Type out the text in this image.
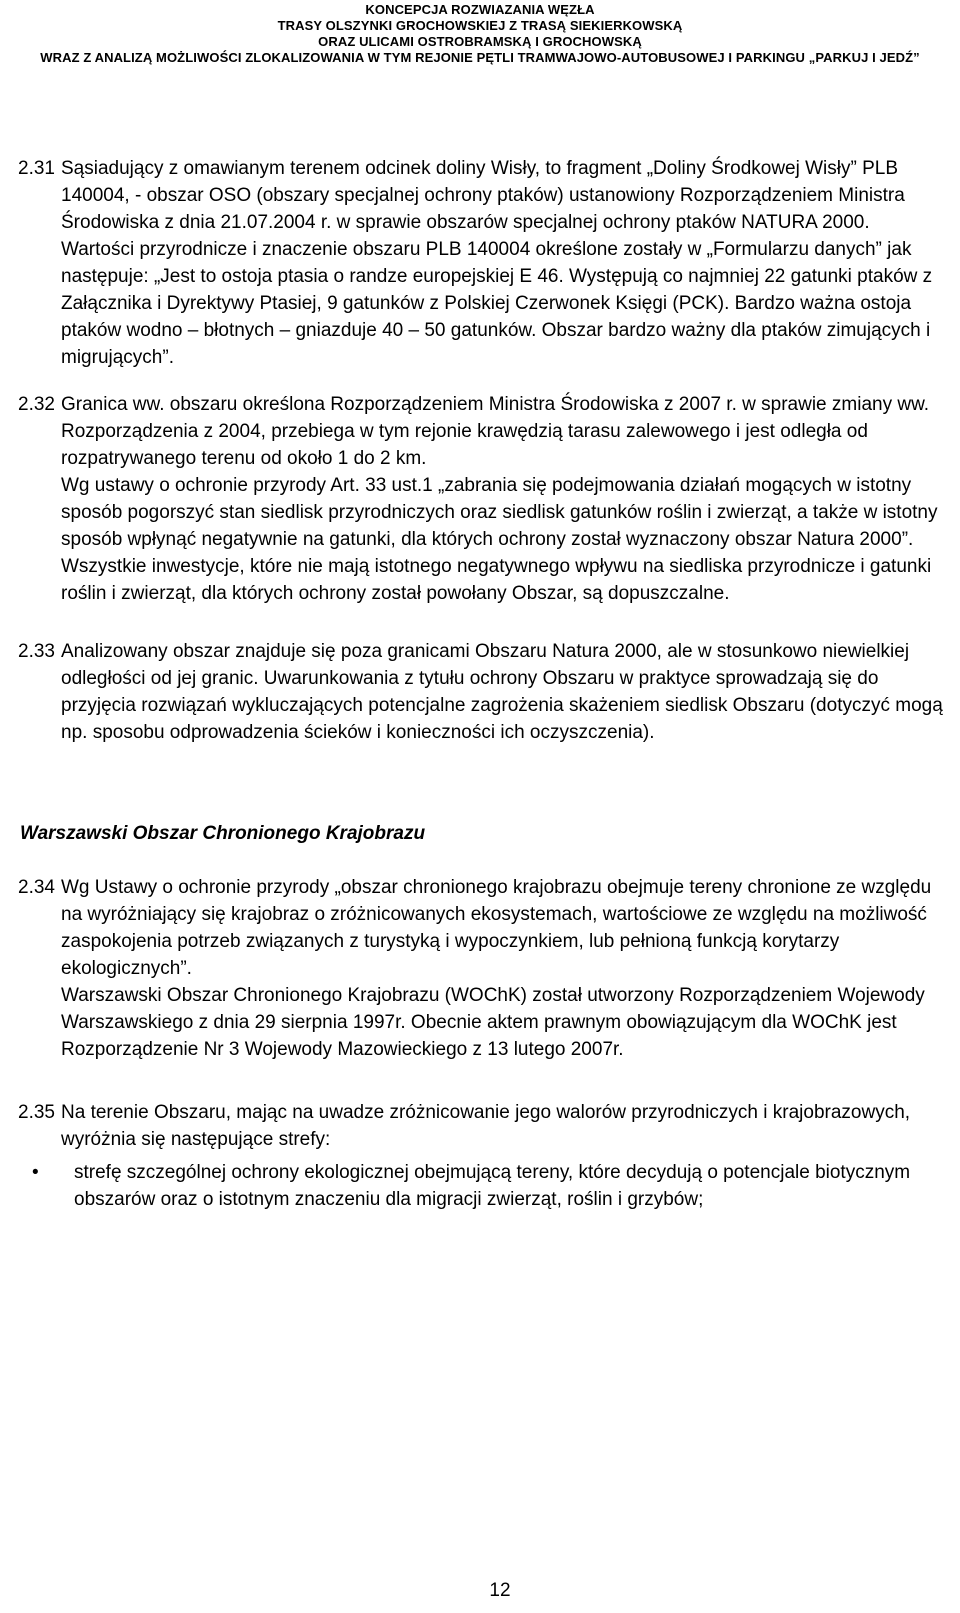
KONCEPCJA ROZWIAZANIA WĘZŁA
TRASY OLSZYNKI GROCHOWSKIEJ Z TRASĄ SIEKIERKOWSKĄ
ORAZ ULICAMI OSTROBRAMSKĄ I GROCHOWSKĄ
WRAZ Z ANALIZĄ MOŻLIWOŚCI ZLOKALIZOWANIA W TYM REJONIE PĘTLI TRAMWAJOWO-AUTOBUSOWEJ I PARKINGU „PARKUJ I JEDŹ”
2.31 Sąsiadujący z omawianym terenem odcinek doliny Wisły, to fragment „Doliny Środkowej Wisły” PLB 140004, - obszar OSO (obszary specjalnej ochrony ptaków) ustanowiony Rozporządzeniem Ministra Środowiska z dnia 21.07.2004 r. w sprawie obszarów specjalnej ochrony ptaków NATURA 2000. Wartości przyrodnicze i znaczenie obszaru PLB 140004 określone zostały w „Formularzu danych” jak następuje: „Jest to ostoja ptasia o randze europejskiej E 46. Występują co najmniej 22 gatunki ptaków z Załącznika i Dyrektywy Ptasiej, 9 gatunków z Polskiej Czerwonek Księgi (PCK). Bardzo ważna ostoja ptaków wodno – błotnych – gniazduje 40 – 50 gatunków. Obszar bardzo ważny dla ptaków zimujących i migrujących”.

2.32 Granica ww. obszaru określona Rozporządzeniem Ministra Środowiska z 2007 r. w sprawie zmiany ww. Rozporządzenia z 2004, przebiega w tym rejonie krawędzią tarasu zalewowego i jest odległa od rozpatrywanego terenu od około 1 do 2 km.

Wg ustawy o ochronie przyrody Art. 33 ust.1 „zabrania się podejmowania działań mogących w istotny sposób pogorszyć stan siedlisk przyrodniczych oraz siedlisk gatunków roślin i zwierząt, a także w istotny sposób wpłynąć negatywnie na gatunki, dla których ochrony został wyznaczony obszar Natura 2000”.

Wszystkie inwestycje, które nie mają istotnego negatywnego wpływu na siedliska przyrodnicze i gatunki roślin i zwierząt, dla których ochrony został powołany Obszar, są dopuszczalne.

2.33 Analizowany obszar znajduje się poza granicami Obszaru Natura 2000, ale w stosunkowo niewielkiej odległości od jej granic. Uwarunkowania z tytułu ochrony Obszaru w praktyce sprowadzają się do przyjęcia rozwiązań wykluczających potencjalne zagrożenia skażeniem siedlisk Obszaru (dotyczyć mogą np. sposobu odprowadzenia ścieków i konieczności ich oczyszczenia).

Warszawski Obszar Chronionego Krajobrazu
2.34 Wg Ustawy o ochronie przyrody „obszar chronionego krajobrazu obejmuje tereny chronione ze względu na wyróżniający się krajobraz o zróżnicowanych ekosystemach, wartościowe ze względu na możliwość zaspokojenia potrzeb związanych z turystyką i wypoczynkiem, lub pełnioną funkcją korytarzy ekologicznych”.

Warszawski Obszar Chronionego Krajobrazu (WOChK) został utworzony Rozporządzeniem Wojewody Warszawskiego z dnia 29 sierpnia 1997r. Obecnie aktem prawnym obowiązującym dla WOChK jest Rozporządzenie Nr 3 Wojewody Mazowieckiego z 13 lutego 2007r.

2.35 Na terenie Obszaru, mając na uwadze zróżnicowanie jego walorów przyrodniczych i krajobrazowych, wyróżnia się następujące strefy:

•	strefę szczególnej ochrony ekologicznej obejmującą tereny, które decydują o potencjale biotycznym obszarów oraz o istotnym znaczeniu dla migracji zwierząt, roślin i grzybów;
12
